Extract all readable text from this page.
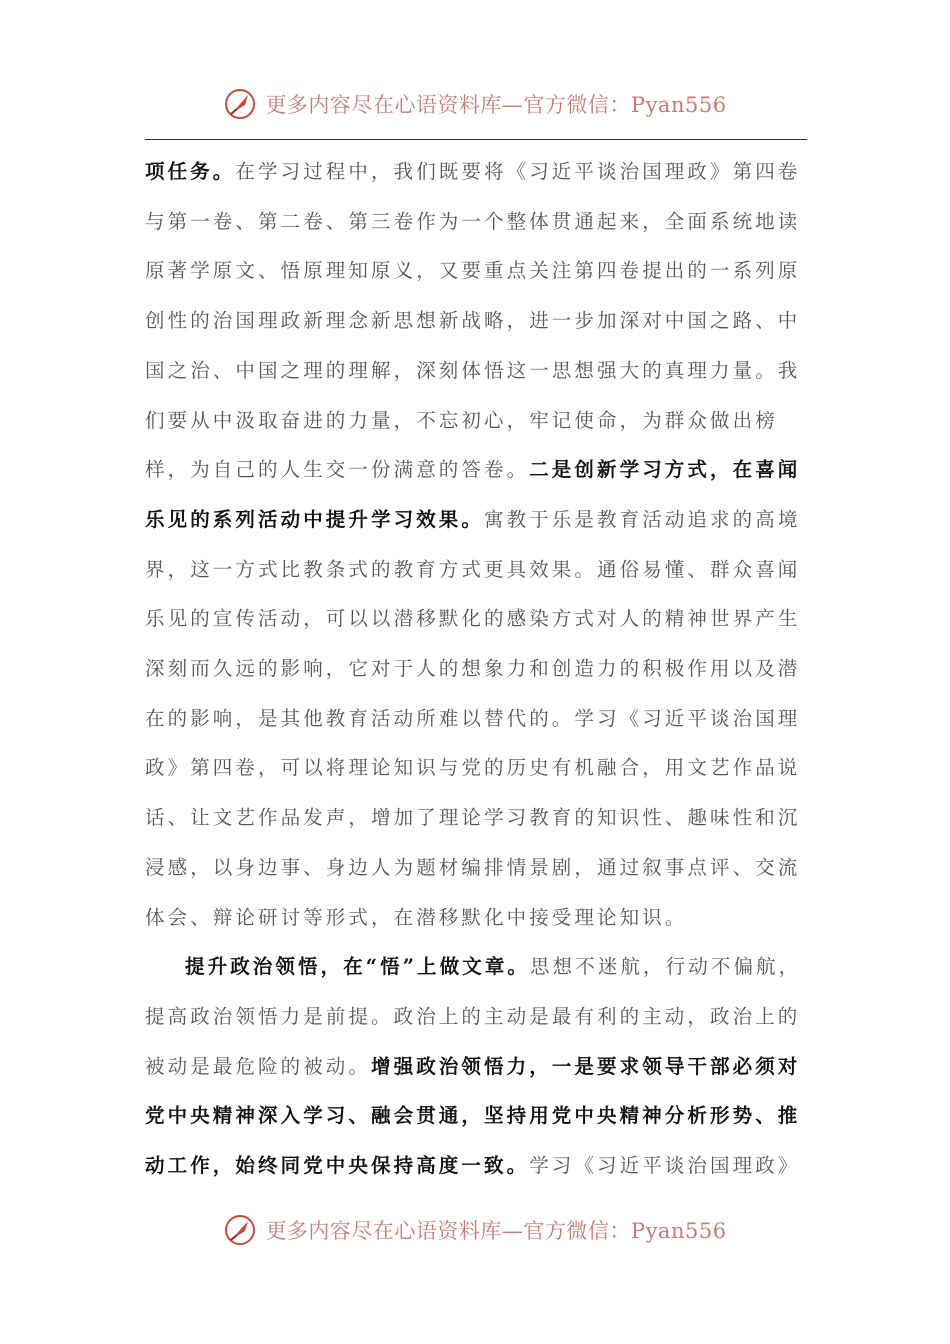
更多内容尽在心语资料库—官方微信：Pyan556

项任务。在学习过程中，我们既要将《习近平谈治国理政》第四卷与第一卷、第二卷、第三卷作为一个整体贯通起来，全面系统地读原著学原文、悟原理知原义，又要重点关注第四卷提出的一系列原创性的治国理政新理念新思想新战略，进一步加深对中国之路、中国之治、中国之理的理解，深刻体悟这一思想强大的真理力量。我们要从中汲取奋进的力量，不忘初心，牢记使命，为群众做出榜样，为自己的人生交一份满意的答卷。二是创新学习方式，在喜闻乐见的系列活动中提升学习效果。寓教于乐是教育活动追求的高境界，这一方式比教条式的教育方式更具效果。通俗易懂、群众喜闻乐见的宣传活动，可以以潜移默化的感染方式对人的精神世界产生深刻而久远的影响，它对于人的想象力和创造力的积极作用以及潜在的影响，是其他教育活动所难以替代的。学习《习近平谈治国理政》第四卷，可以将理论知识与党的历史有机融合，用文艺作品说话、让文艺作品发声，增加了理论学习教育的知识性、趣味性和沉浸感，以身边事、身边人为题材编排情景剧，通过叙事点评、交流体会、辩论研讨等形式，在潜移默化中接受理论知识。

提升政治领悟，在“悟”上做文章。思想不迷航，行动不偏航，提高政治领悟力是前提。政治上的主动是最有利的主动，政治上的被动是最危险的被动。增强政治领悟力，一是要求领导干部必须对党中央精神深入学习、融会贯通，坚持用党中央精神分析形势、推动工作，始终同党中央保持高度一致。学习《习近平谈治国理政》

更多内容尽在心语资料库—官方微信：Pyan556
